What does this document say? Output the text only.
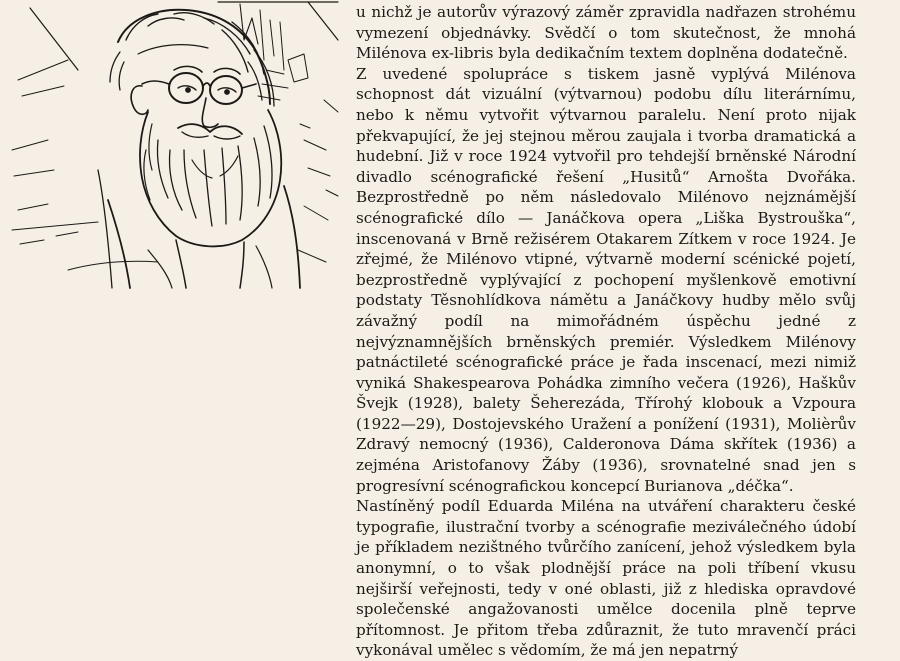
u nichž je autorův výrazový záměr zpravidla nadřazen strohému vymezení objednávky. Svědčí o tom skutečnost, že mnohá Milénova ex-libris byla dedikačním textem doplněna dodatečně.

Z uvedené spolupráce s tiskem jasně vyplývá Milénova schopnost dát vizuální (výtvarnou) podobu dílu literárnímu, nebo k němu vytvořit výtvarnou paralelu. Není proto nijak překvapující, že jej stejnou měrou zaujala i tvorba dramatická a hudební. Již v roce 1924 vytvořil pro tehdejší brněnské Národní divadlo scénografické řešení „Husitů“ Arnošta Dvořáka. Bezprostředně po něm následovalo Milénovo nejznámější scénografické dílo — Janáčkova opera „Liška Bystrouška“, inscenovaná v Brně režisérem Otakarem Zítkem v roce 1924. Je zřejmé, že Milénovo vtipné, výtvarně moderní scénické pojetí, bezprostředně vyplývající z pochopení myšlenkově emotivní podstaty Těsnohlídkova námětu a Janáčkovy hudby mělo svůj závažný podíl na mimořádném úspěchu jedné z nejvýznamnějších brněnských premiér. Výsledkem Milénovy patnáctileté scénografické práce je řada inscenací, mezi nimiž vyniká Shakespearova Pohádka zimního večera (1926), Haškův Švejk (1928), balety Šeherezáda, Třírohý klobouk a Vzpoura (1922—29), Dostojevského Uražení a ponížení (1931), Molièrův Zdravý nemocný (1936), Calderonova Dáma skřítek (1936) a zejména Aristofanovy Žáby (1936), srovnatelné snad jen s progresívní scénografickou koncepcí Burianova „déčka“.

Nastíněný podíl Eduarda Miléna na utváření charakteru české typografie, ilustrační tvorby a scénografie meziválečného údobí je příkladem nezištného tvůrčího zanícení, jehož výsledkem byla anonymní, o to však plodnější práce na poli tříbení vkusu nejširší veřejnosti, tedy v oné oblasti, již z hlediska opravdové společenské angažovanosti umělce docenila plně teprve přítomnost. Je přitom třeba zdůraznit, že tuto mravenčí práci vykonával umělec s vědomím, že má jen nepatrný
